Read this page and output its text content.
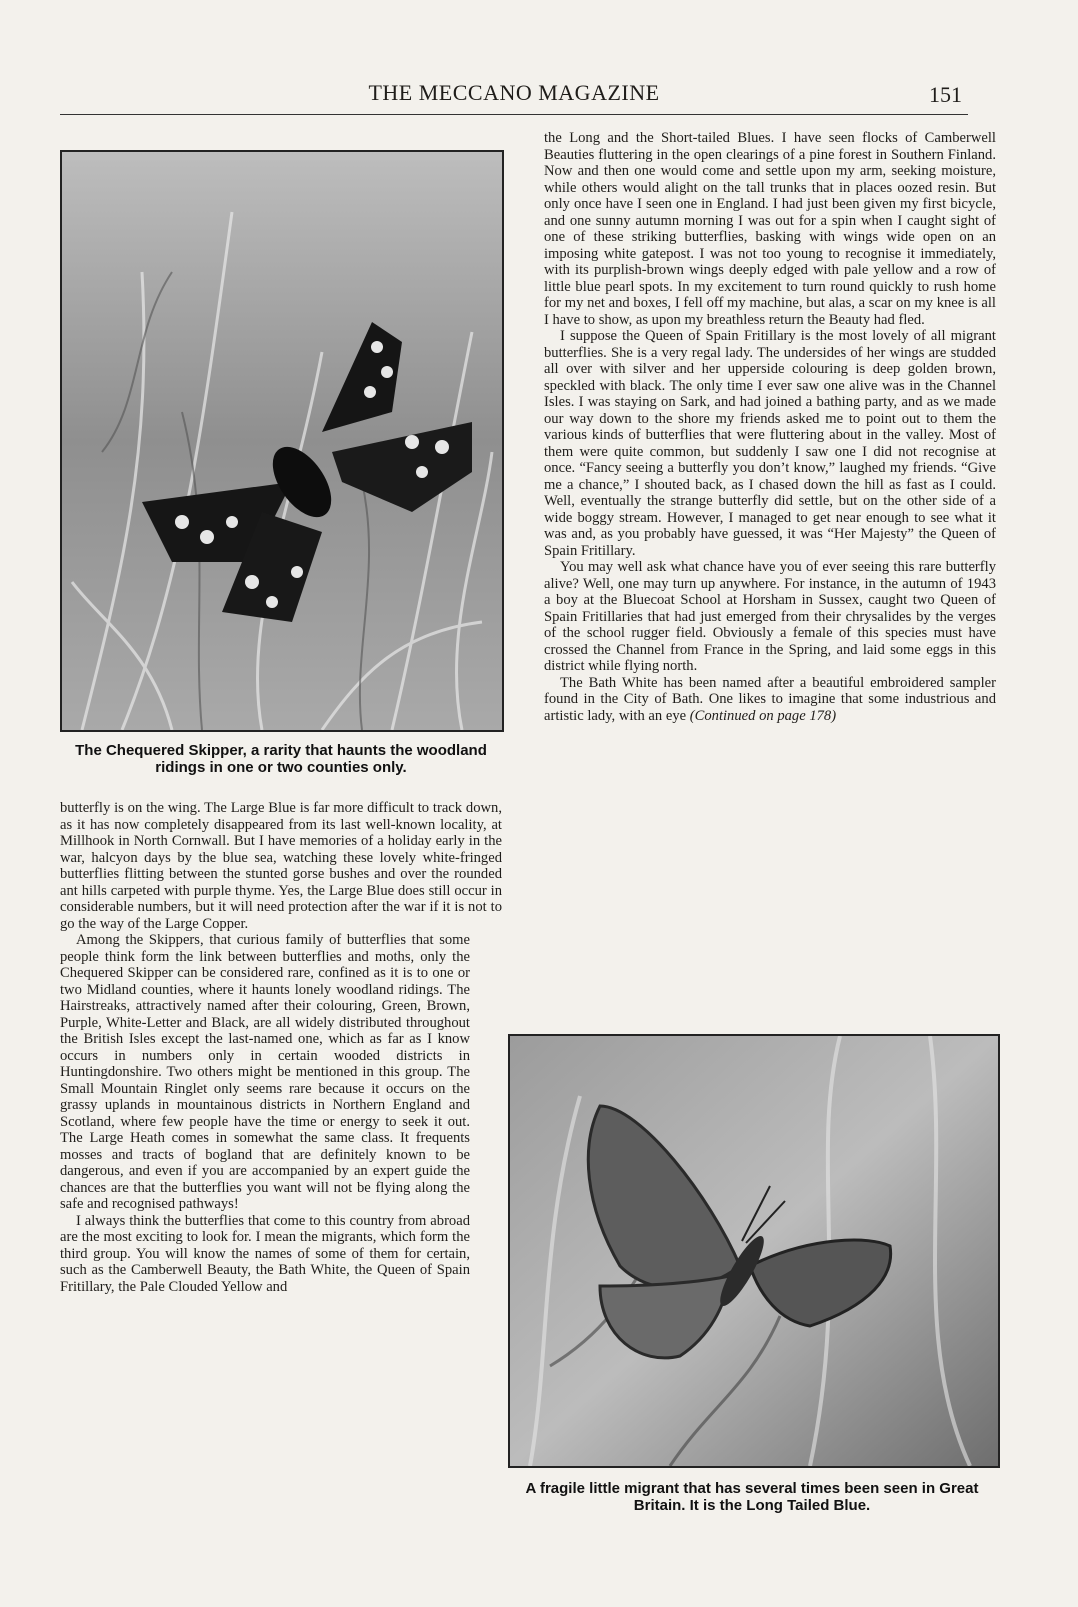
THE MECCANO MAGAZINE	151
The Chequered Skipper, a rarity that haunts the woodland ridings in one or two counties only.

butterfly is on the wing. The Large Blue is far more difficult to track down, as it has now completely disappeared from its last well-known locality, at Millhook in North Cornwall. But I have memories of a holiday early in the war, halcyon days by the blue sea, watching these lovely white-fringed butterflies flitting between the stunted gorse bushes and over the rounded ant hills carpeted with purple thyme. Yes, the Large Blue does still occur in considerable numbers, but it will need protection after the war if it is not to go the way of the Large Copper.

Among the Skippers, that curious family of butterflies that some people think form the link between butterflies and moths, only the Chequered Skipper can be considered rare, confined as it is to one or two Midland counties, where it haunts lonely woodland ridings. The Hairstreaks, attractively named after their colouring, Green, Brown, Purple, White-Letter and Black, are all widely distributed throughout the British Isles except the last-named one, which as far as I know occurs in numbers only in certain wooded districts in Huntingdonshire. Two others might be mentioned in this group. The Small Mountain Ringlet only seems rare because it occurs on the grassy uplands in mountainous districts in Northern England and Scotland, where few people have the time or energy to seek it out. The Large Heath comes in somewhat the same class. It frequents mosses and tracts of bogland that are definitely known to be dangerous, and even if you are accompanied by an expert guide the chances are that the butterflies you want will not be flying along the safe and recognised pathways!

I always think the butterflies that come to this country from abroad are the most exciting to look for. I mean the migrants, which form the third group. You will know the names of some of them for certain, such as the Camberwell Beauty, the Bath White, the Queen of Spain Fritillary, the Pale Clouded Yellow and

the Long and the Short-tailed Blues. I have seen flocks of Camberwell Beauties fluttering in the open clearings of a pine forest in Southern Finland. Now and then one would come and settle upon my arm, seeking moisture, while others would alight on the tall trunks that in places oozed resin. But only once have I seen one in England. I had just been given my first bicycle, and one sunny autumn morning I was out for a spin when I caught sight of one of these striking butterflies, basking with wings wide open on an imposing white gatepost. I was not too young to recognise it immediately, with its purplish-brown wings deeply edged with pale yellow and a row of little blue pearl spots. In my excitement to turn round quickly to rush home for my net and boxes, I fell off my machine, but alas, a scar on my knee is all I have to show, as upon my breathless return the Beauty had fled.

I suppose the Queen of Spain Fritillary is the most lovely of all migrant butterflies. She is a very regal lady. The undersides of her wings are studded all over with silver and her upperside colouring is deep golden brown, speckled with black. The only time I ever saw one alive was in the Channel Isles. I was staying on Sark, and had joined a bathing party, and as we made our way down to the shore my friends asked me to point out to them the various kinds of butterflies that were fluttering about in the valley. Most of them were quite common, but suddenly I saw one I did not recognise at once. “Fancy seeing a butterfly you don’t know,” laughed my friends. “Give me a chance,” I shouted back, as I chased down the hill as fast as I could. Well, eventually the strange butterfly did settle, but on the other side of a wide boggy stream. However, I managed to get near enough to see what it was and, as you probably have guessed, it was “Her Majesty” the Queen of Spain Fritillary.

You may well ask what chance have you of ever seeing this rare butterfly alive? Well, one may turn up anywhere. For instance, in the autumn of 1943 a boy at the Bluecoat School at Horsham in Sussex, caught two Queen of Spain Fritillaries that had just emerged from their chrysalides by the verges of the school rugger field. Obviously a female of this species must have crossed the Channel from France in the Spring, and laid some eggs in this district while flying north.

The Bath White has been named after a beautiful embroidered sampler found in the City of Bath. One likes to imagine that some industrious and artistic lady, with an eye (Continued on page 178)

A fragile little migrant that has several times been seen in Great Britain. It is the Long Tailed Blue.
